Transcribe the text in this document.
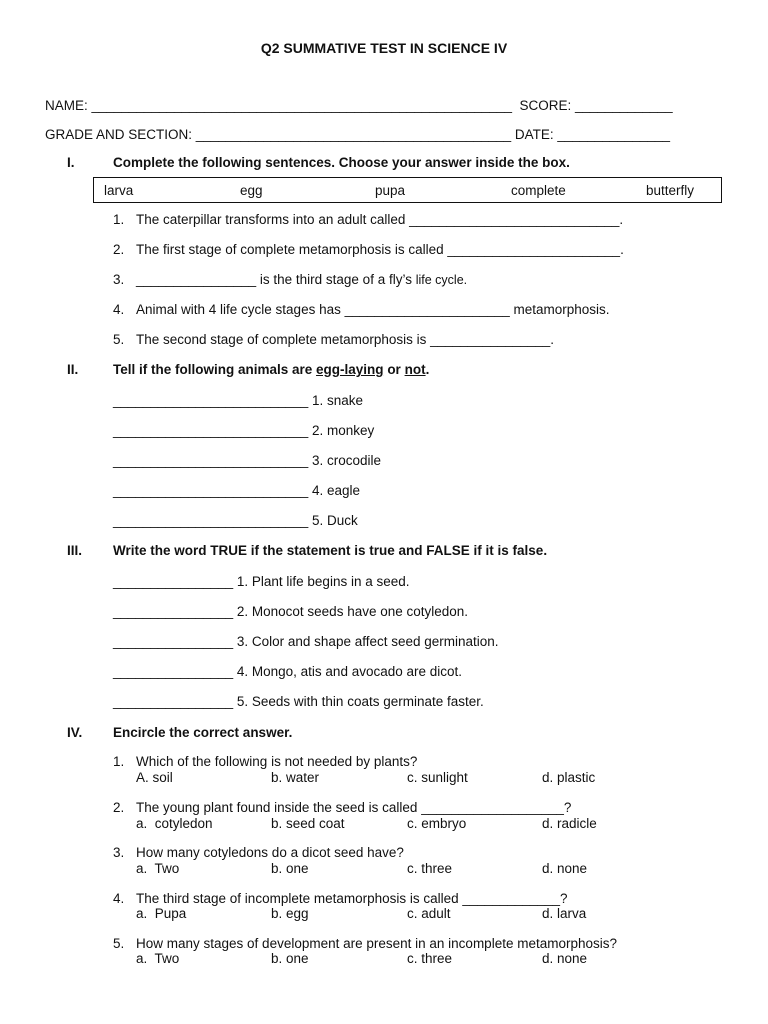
Q2 SUMMATIVE TEST IN SCIENCE IV
NAME: ________________________________________________________  SCORE: _____________
GRADE AND SECTION: __________________________________________ DATE: _______________
I.	Complete the following sentences. Choose your answer inside the box.
larva	egg	pupa	complete	butterfly
1. The caterpillar transforms into an adult called ____________________________.
2. The first stage of complete metamorphosis is called _______________________.
3. ________________ is the third stage of a fly’s life cycle.
4. Animal with 4 life cycle stages has ______________________ metamorphosis.
5. The second stage of complete metamorphosis is ________________.
II.	Tell if the following animals are egg-laying or not.
__________________________ 1. snake
__________________________ 2. monkey
__________________________ 3. crocodile
__________________________ 4. eagle
__________________________ 5. Duck
III. Write the word TRUE if the statement is true and FALSE if it is false.
________________ 1. Plant life begins in a seed.
________________ 2. Monocot seeds have one cotyledon.
________________ 3. Color and shape affect seed germination.
________________ 4. Mongo, atis and avocado are dicot.
________________ 5. Seeds with thin coats germinate faster.
IV. Encircle the correct answer.
1. Which of the following is not needed by plants?
A. soil	b. water	c. sunlight	d. plastic
2. The young plant found inside the seed is called ___________________?
a.  cotyledon	b. seed coat	c. embryo	d. radicle
3. How many cotyledons do a dicot seed have?
a.  Two	b. one	c. three	d. none
4. The third stage of incomplete metamorphosis is called _____________?
a.  Pupa	b. egg	c. adult	d. larva
5. How many stages of development are present in an incomplete metamorphosis?
a.  Two	b. one	c. three	d. none
